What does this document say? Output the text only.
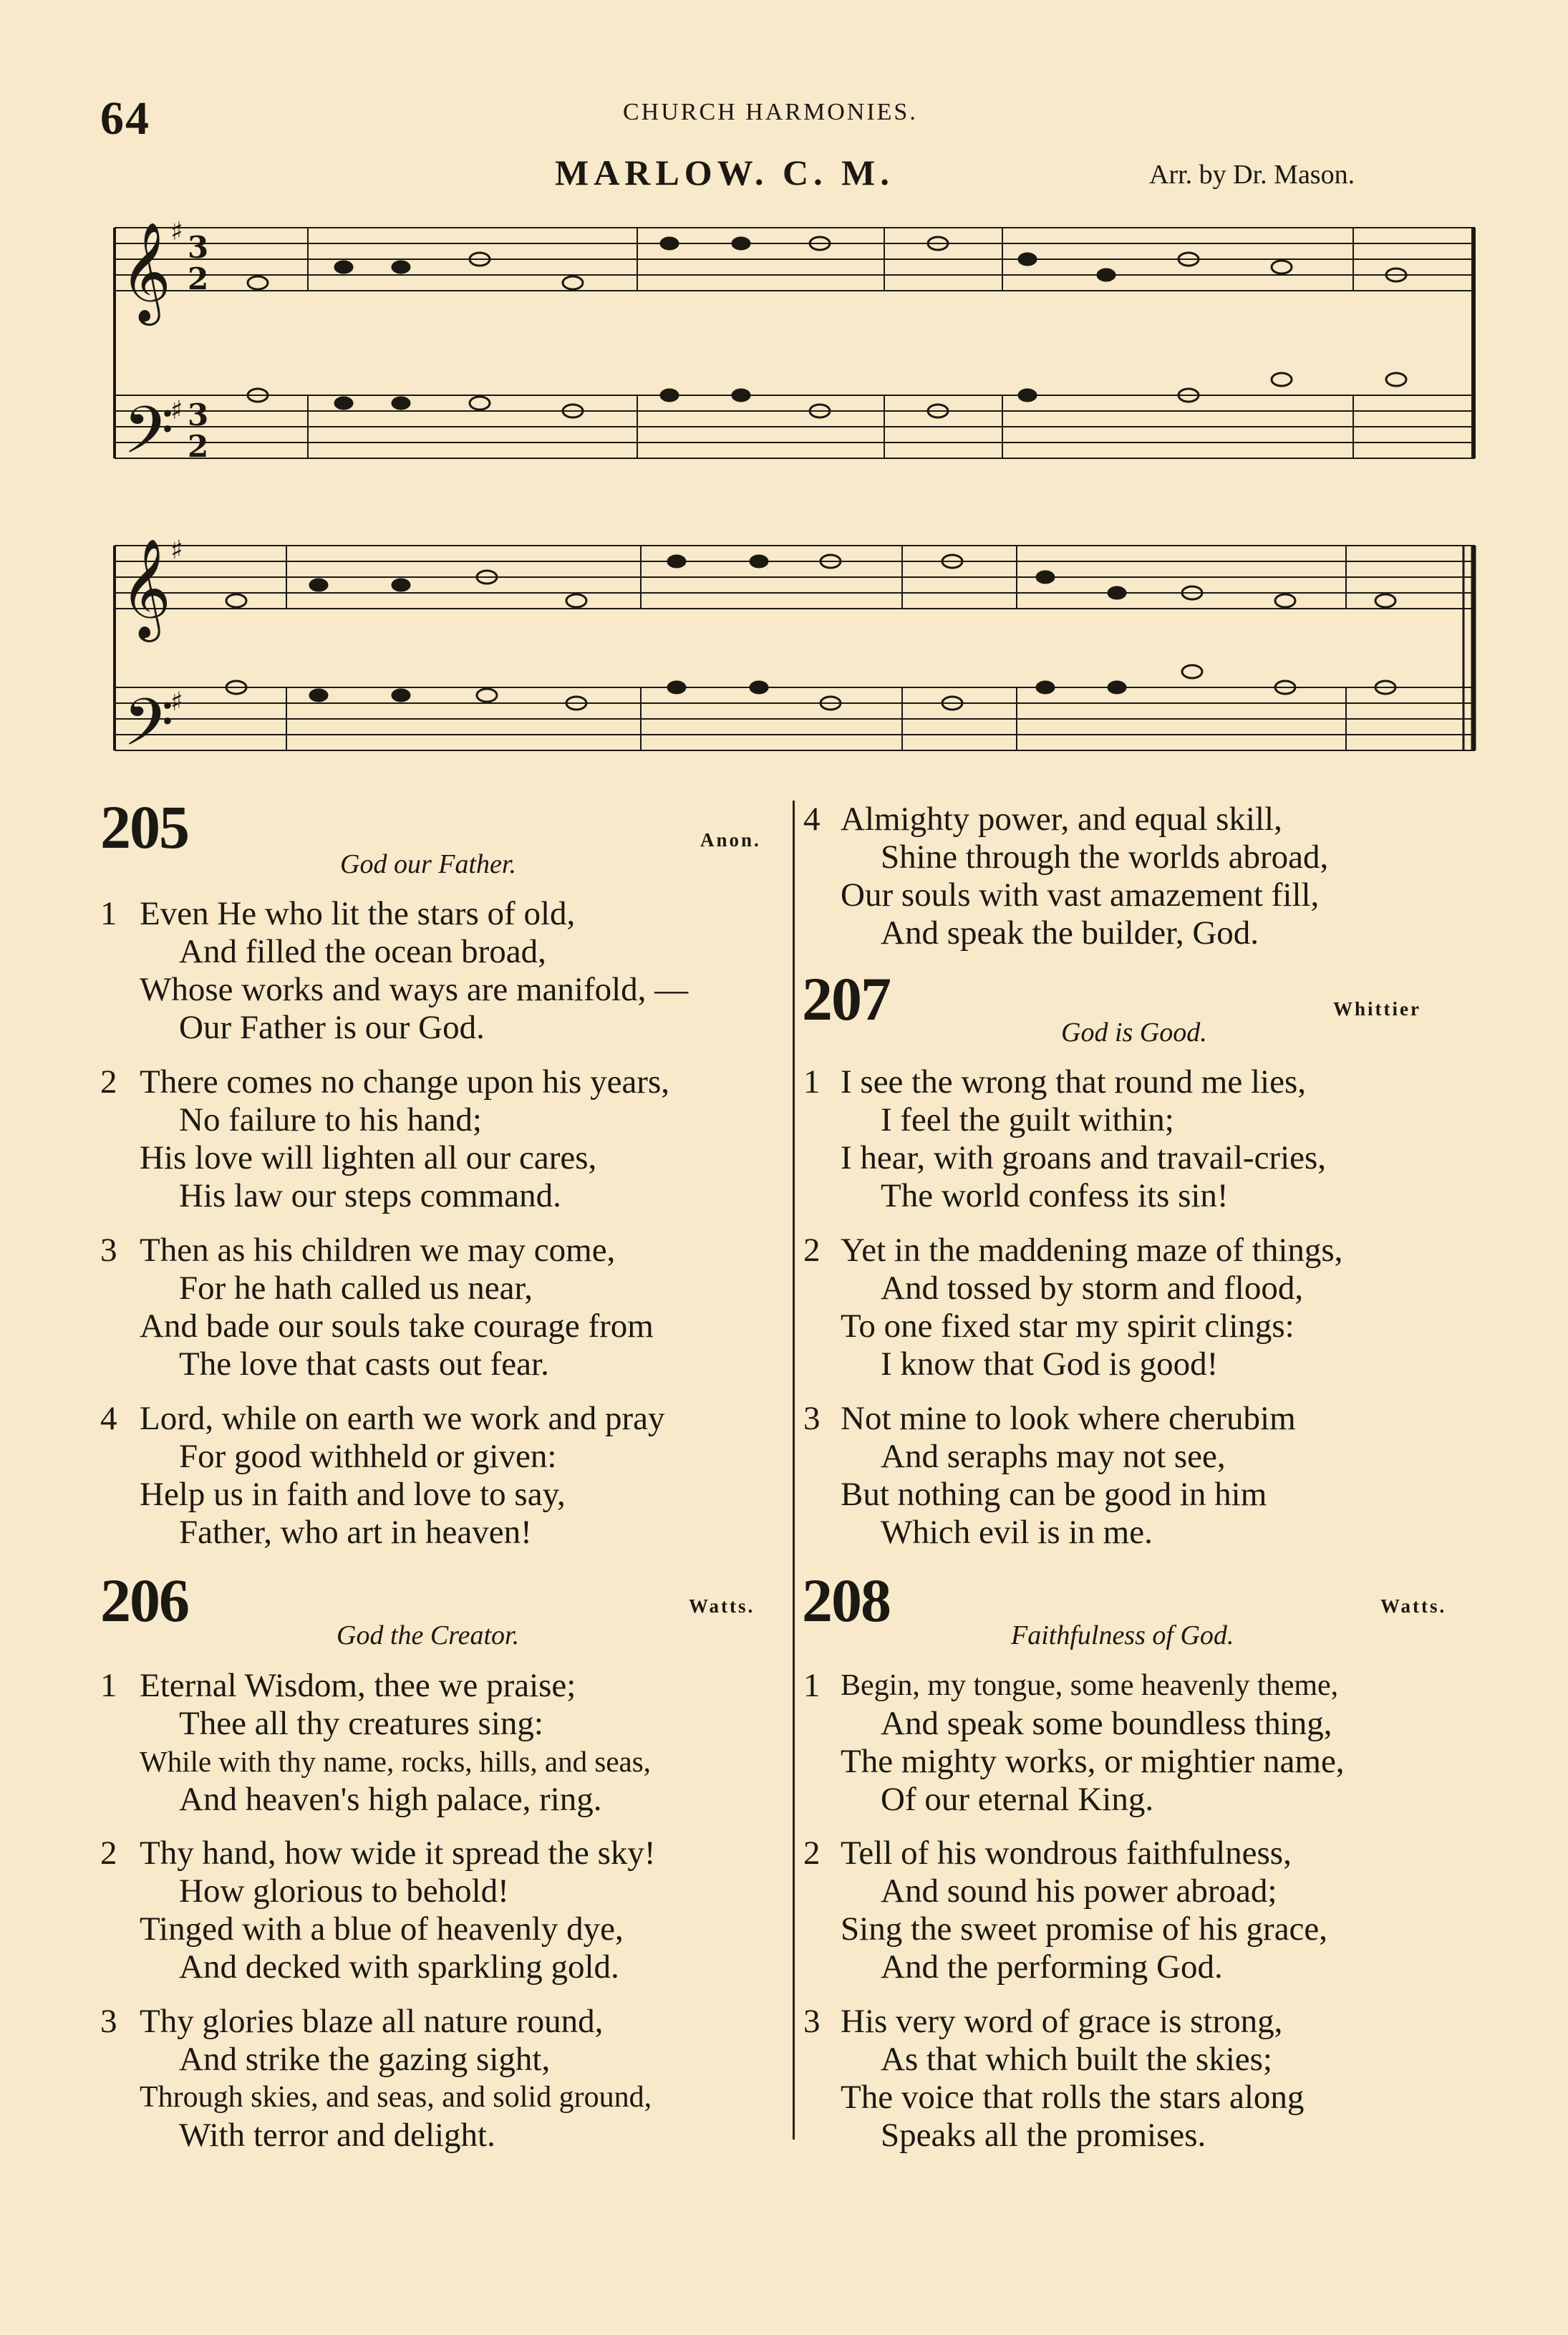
64	CHURCH HARMONIES.
MARLOW. C. M.	Arr. by Dr. Mason.
𝄞
𝄢
𝄞
𝄢
♯
♯
♯
♯
3
2
3
2
205	Anon.
God our Father.
1 Even He who lit the stars of old,
And filled the ocean broad,
Whose works and ways are manifold, —
Our Father is our God.
2 There comes no change upon his years,
No failure to his hand;
His love will lighten all our cares,
His law our steps command.
3 Then as his children we may come,
For he hath called us near,
And bade our souls take courage from
The love that casts out fear.
4 Lord, while on earth we work and pray
For good withheld or given:
Help us in faith and love to say,
Father, who art in heaven!
206	Watts.
God the Creator.
1 Eternal Wisdom, thee we praise;
Thee all thy creatures sing:
While with thy name, rocks, hills, and seas,
And heaven's high palace, ring.
2 Thy hand, how wide it spread the sky!
How glorious to behold!
Tinged with a blue of heavenly dye,
And decked with sparkling gold.
3 Thy glories blaze all nature round,
And strike the gazing sight,
Through skies, and seas, and solid ground,
With terror and delight.
4 Almighty power, and equal skill,
Shine through the worlds abroad,
Our souls with vast amazement fill,
And speak the builder, God.
207	Whittier
God is Good.
1 I see the wrong that round me lies,
I feel the guilt within;
I hear, with groans and travail-cries,
The world confess its sin!
2 Yet in the maddening maze of things,
And tossed by storm and flood,
To one fixed star my spirit clings:
I know that God is good!
3 Not mine to look where cherubim
And seraphs may not see,
But nothing can be good in him
Which evil is in me.
208	Watts.
Faithfulness of God.
1 Begin, my tongue, some heavenly theme,
And speak some boundless thing,
The mighty works, or mightier name,
Of our eternal King.
2 Tell of his wondrous faithfulness,
And sound his power abroad;
Sing the sweet promise of his grace,
And the performing God.
3 His very word of grace is strong,
As that which built the skies;
The voice that rolls the stars along
Speaks all the promises.
